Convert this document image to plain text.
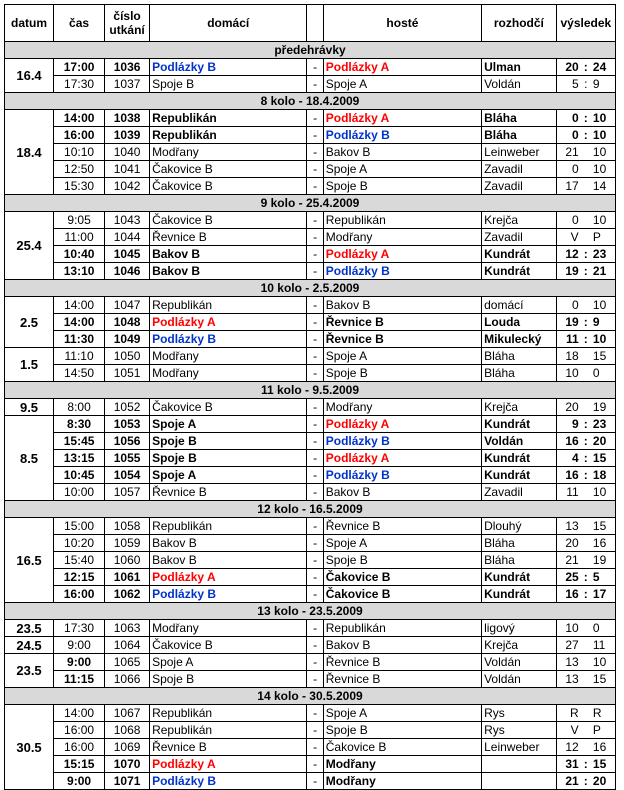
datum	čas	číslo utkání	domácí		hosté	rozhodčí	výsledek		
předehrávky									
16.4	17:00	1036	Podlázky B	-	Podlázky A	Ulman	20	:	24
	17:30	1037	Spoje B	-	Spoje A	Voldán	5	:	9
8 kolo - 18.4.2009									
18.4	14:00	1038	Republikán	-	Podlázky A	Bláha	0	:	10
	16:00	1039	Republikán	-	Podlázky B	Bláha	0	:	10
	10:10	1040	Modřany	-	Bakov B	Leinweber	21		10
	12:50	1041	Čakovice B	-	Spoje A	Zavadil	0		10
	15:30	1042	Čakovice B	-	Spoje B	Zavadil	17		14
9 kolo - 25.4.2009									
25.4	9:05	1043	Čakovice B	-	Republikán	Krejča	0		10
	11:00	1044	Řevnice B	-	Modřany	Zavadil	V		P
	10:40	1045	Bakov B	-	Podlázky A	Kundrát	12	:	23
	13:10	1046	Bakov B	-	Podlázky B	Kundrát	19	:	21
10 kolo - 2.5.2009									
2.5	14:00	1047	Republikán	-	Bakov B	domácí	0		10
	14:00	1048	Podlázky A	-	Řevnice B	Louda	19	:	9
	11:30	1049	Podlázky B	-	Řevnice B	Mikulecký	11	:	10
1.5	11:10	1050	Modřany	-	Spoje A	Bláha	18		15
	14:50	1051	Modřany	-	Spoje B	Bláha	10		0
11 kolo - 9.5.2009									
9.5	8:00	1052	Čakovice B	-	Modřany	Krejča	20		19
8.5	8:30	1053	Spoje A	-	Podlázky A	Kundrát	9	:	23
	15:45	1056	Spoje B	-	Podlázky B	Voldán	16	:	20
	13:15	1055	Spoje B	-	Podlázky A	Kundrát	4	:	15
	10:45	1054	Spoje A	-	Podlázky B	Kundrát	16	:	18
	10:00	1057	Řevnice B	-	Bakov B	Zavadil	11		10
12 kolo - 16.5.2009									
16.5	15:00	1058	Republikán	-	Řevnice B	Dlouhý	13		15
	10:20	1059	Bakov B	-	Spoje A	Bláha	20		16
	15:40	1060	Bakov B	-	Spoje B	Bláha	21		19
	12:15	1061	Podlázky A	-	Čakovice B	Kundrát	25	:	5
	16:00	1062	Podlázky B	-	Čakovice B	Kundrát	16	:	17
13 kolo - 23.5.2009									
23.5	17:30	1063	Modřany	-	Republikán	ligový	10		0
24.5	9:00	1064	Čakovice B	-	Bakov B	Krejča	27		11
23.5	9:00	1065	Spoje A	-	Řevnice B	Voldán	13		10
	11:15	1066	Spoje B	-	Řevnice B	Voldán	13		15
14 kolo - 30.5.2009									
30.5	14:00	1067	Republikán	-	Spoje A	Rys	R		R
	16:00	1068	Republikán	-	Spoje B	Rys	V		P
	16:00	1069	Řevnice B	-	Čakovice B	Leinweber	12		16
	15:15	1070	Podlázky A	-	Modřany		31	:	15
	9:00	1071	Podlázky B	-	Modřany		21	:	20
